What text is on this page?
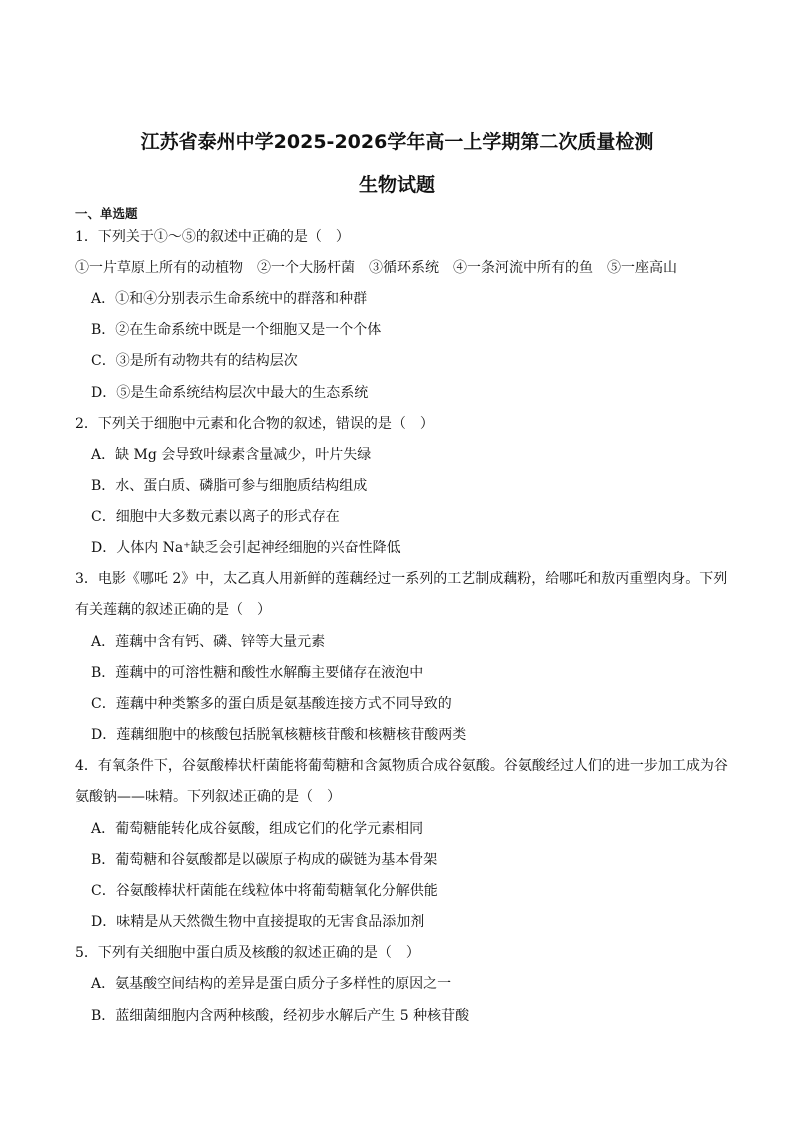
江苏省泰州中学2025-2026学年高一上学期第二次质量检测
生物试题
一、单选题
1．下列关于①～⑤的叙述中正确的是（　）
①一片草原上所有的动植物　②一个大肠杆菌　③循环系统　④一条河流中所有的鱼　⑤一座高山
A．①和④分别表示生命系统中的群落和种群
B．②在生命系统中既是一个细胞又是一个个体
C．③是所有动物共有的结构层次
D．⑤是生命系统结构层次中最大的生态系统
2．下列关于细胞中元素和化合物的叙述，错误的是（　）
A．缺 Mg 会导致叶绿素含量减少，叶片失绿
B．水、蛋白质、磷脂可参与细胞质结构组成
C．细胞中大多数元素以离子的形式存在
D．人体内 Na⁺缺乏会引起神经细胞的兴奋性降低
3．电影《哪吒 2》中，太乙真人用新鲜的莲藕经过一系列的工艺制成藕粉，给哪吒和敖丙重塑肉身。下列
有关莲藕的叙述正确的是（　）
A．莲藕中含有钙、磷、锌等大量元素
B．莲藕中的可溶性糖和酸性水解酶主要储存在液泡中
C．莲藕中种类繁多的蛋白质是氨基酸连接方式不同导致的
D．莲藕细胞中的核酸包括脱氧核糖核苷酸和核糖核苷酸两类
4．有氧条件下，谷氨酸棒状杆菌能将葡萄糖和含氮物质合成谷氨酸。谷氨酸经过人们的进一步加工成为谷
氨酸钠——味精。下列叙述正确的是（　）
A．葡萄糖能转化成谷氨酸，组成它们的化学元素相同
B．葡萄糖和谷氨酸都是以碳原子构成的碳链为基本骨架
C．谷氨酸棒状杆菌能在线粒体中将葡萄糖氧化分解供能
D．味精是从天然微生物中直接提取的无害食品添加剂
5．下列有关细胞中蛋白质及核酸的叙述正确的是（　）
A．氨基酸空间结构的差异是蛋白质分子多样性的原因之一
B．蓝细菌细胞内含两种核酸，经初步水解后产生 5 种核苷酸
